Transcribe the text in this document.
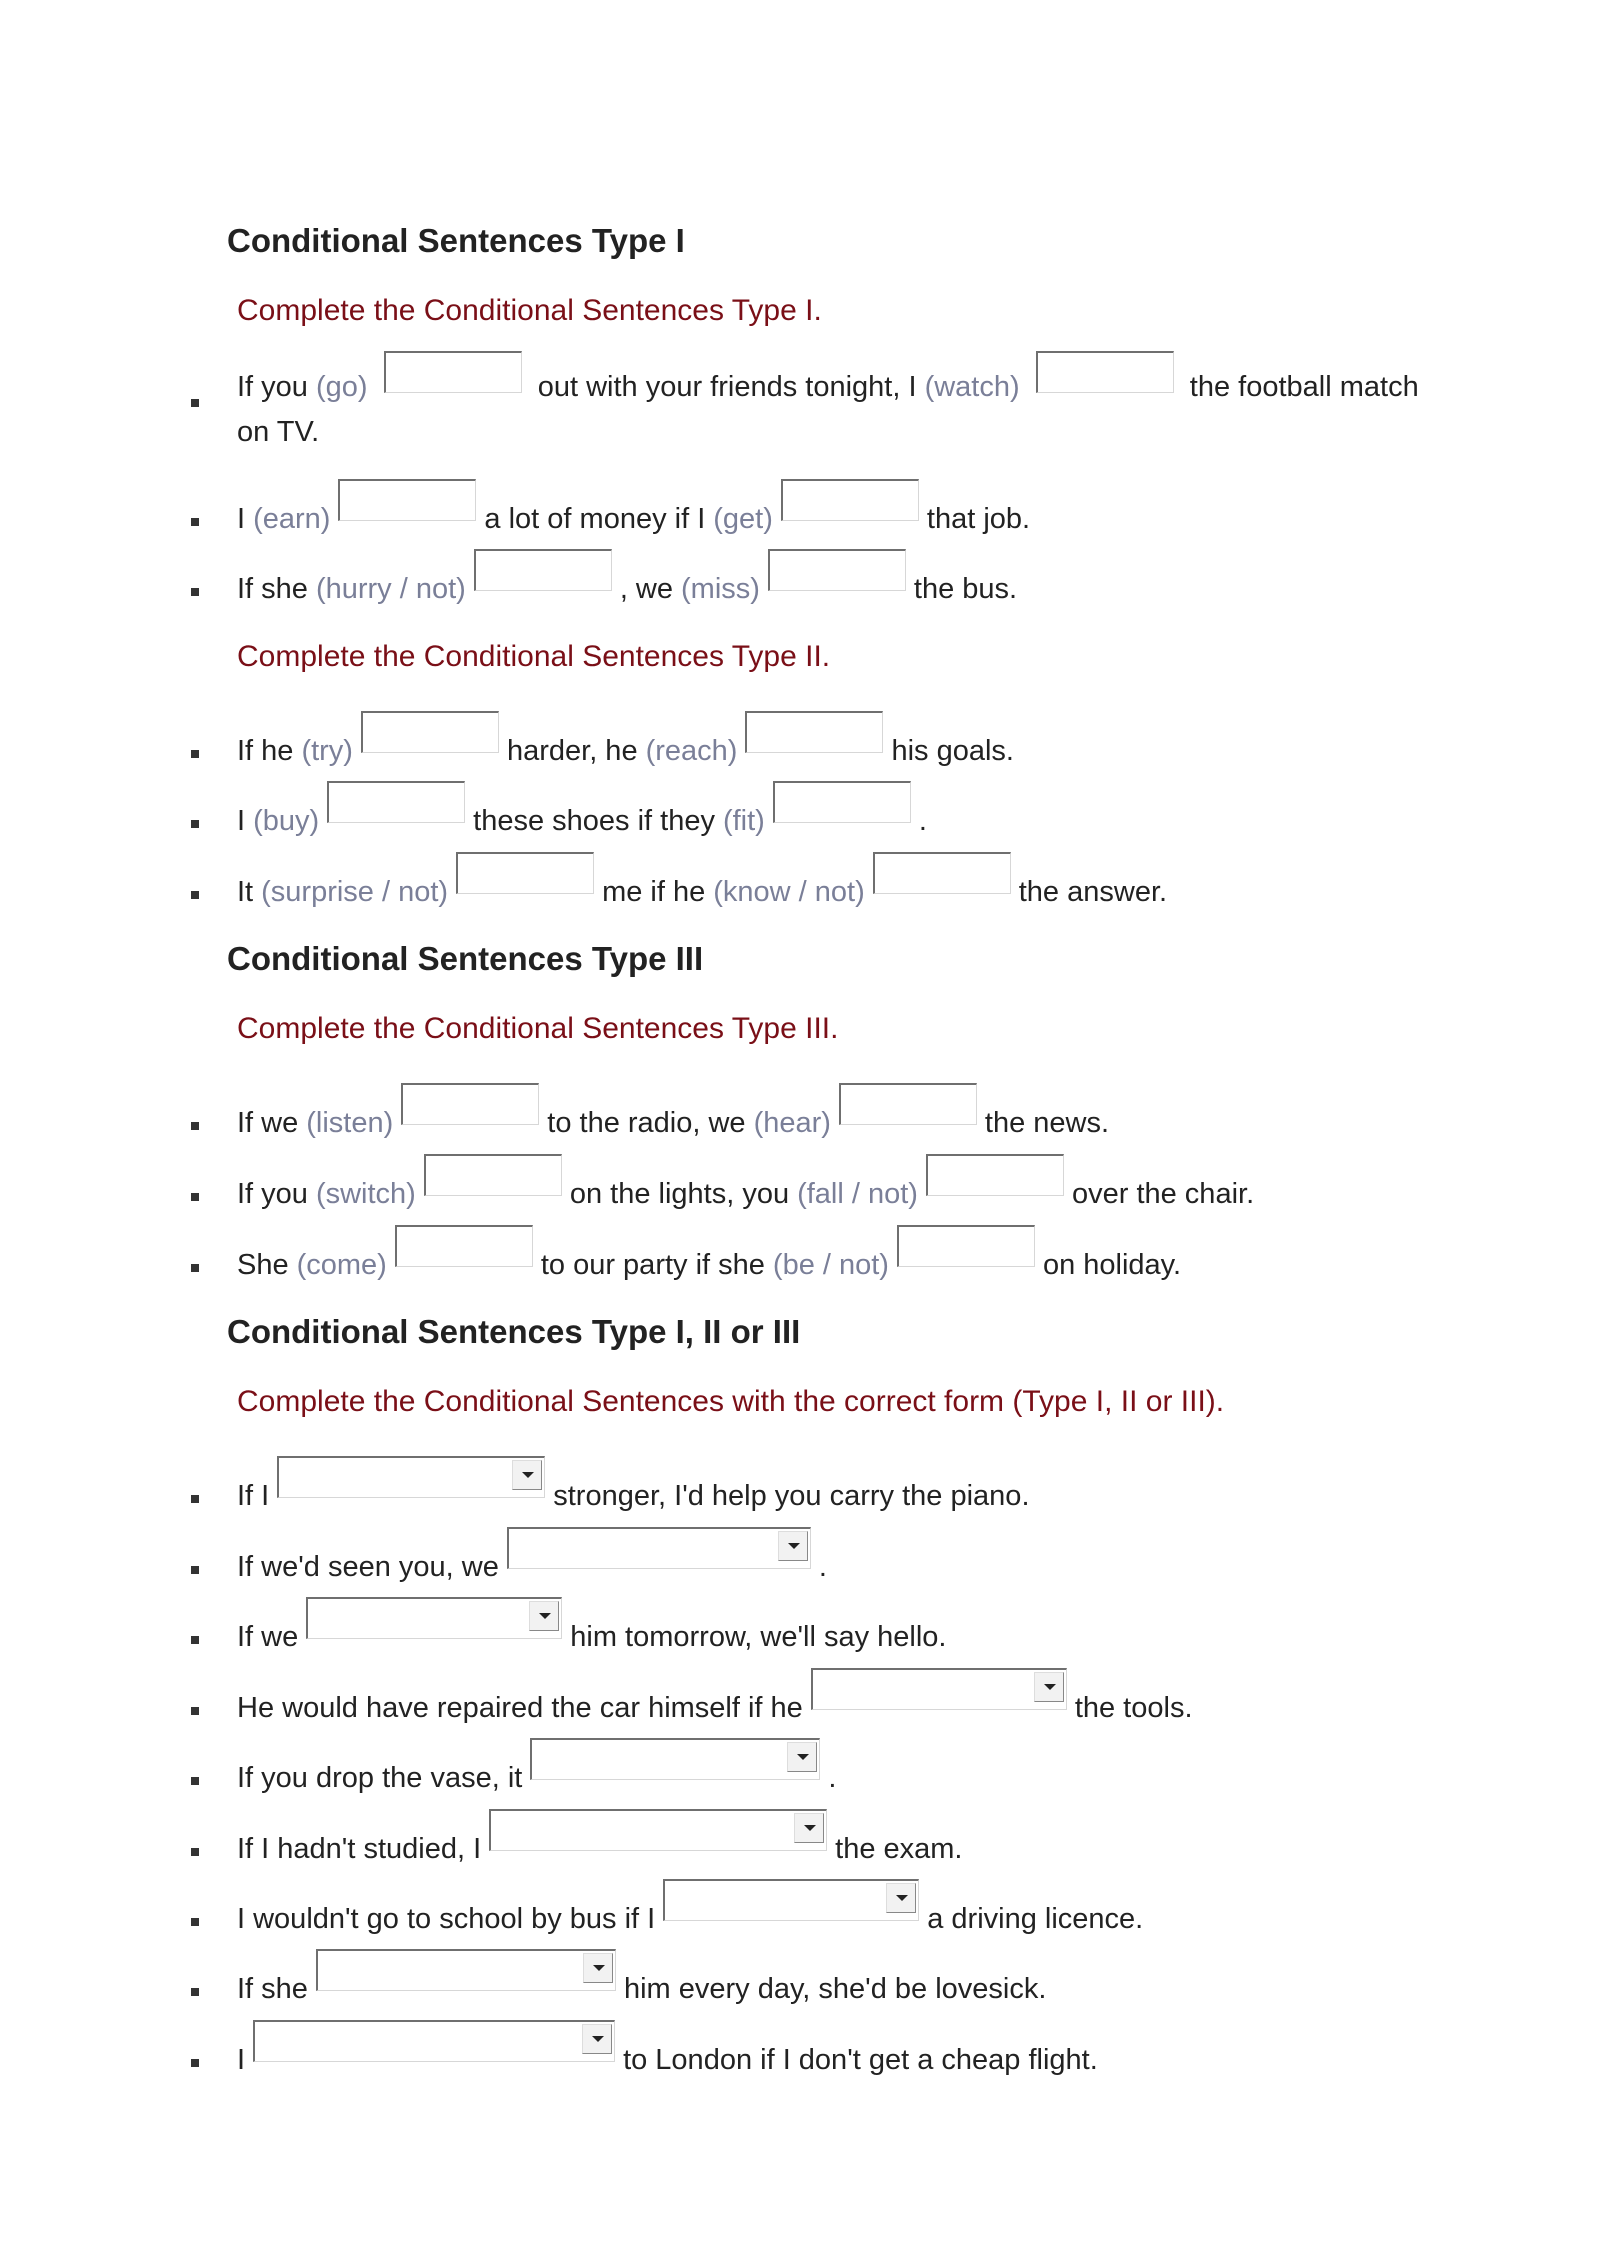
Conditional Sentences Type I

Complete the Conditional Sentences Type I.

If you (go)	out with your friends tonight, I (watch)	the football match on TV.
I (earn)	a lot of money if I (get)	that job.
If she (hurry / not)	, we (miss)	the bus.

Complete the Conditional Sentences Type II.

If he (try)	harder, he (reach)	his goals.
I (buy)	these shoes if they (fit)	.
It (surprise / not)	me if he (know / not)	the answer.
Conditional Sentences Type III

Complete the Conditional Sentences Type III.

If we (listen)	to the radio, we (hear)	the news.
If you (switch)	on the lights, you (fall / not)	over the chair.
She (come)	to our party if she (be / not)	on holiday.
Conditional Sentences Type I, II or III

Complete the Conditional Sentences with the correct form (Type I, II or III).

If I	stronger, I'd help you carry the piano.
If we'd seen you, we	.
If we	him tomorrow, we'll say hello.
He would have repaired the car himself if he	the tools.
If you drop the vase, it	.
If I hadn't studied, I	the exam.
I wouldn't go to school by bus if I	a driving licence.
If she	him every day, she'd be lovesick.
I	to London if I don't get a cheap flight.
